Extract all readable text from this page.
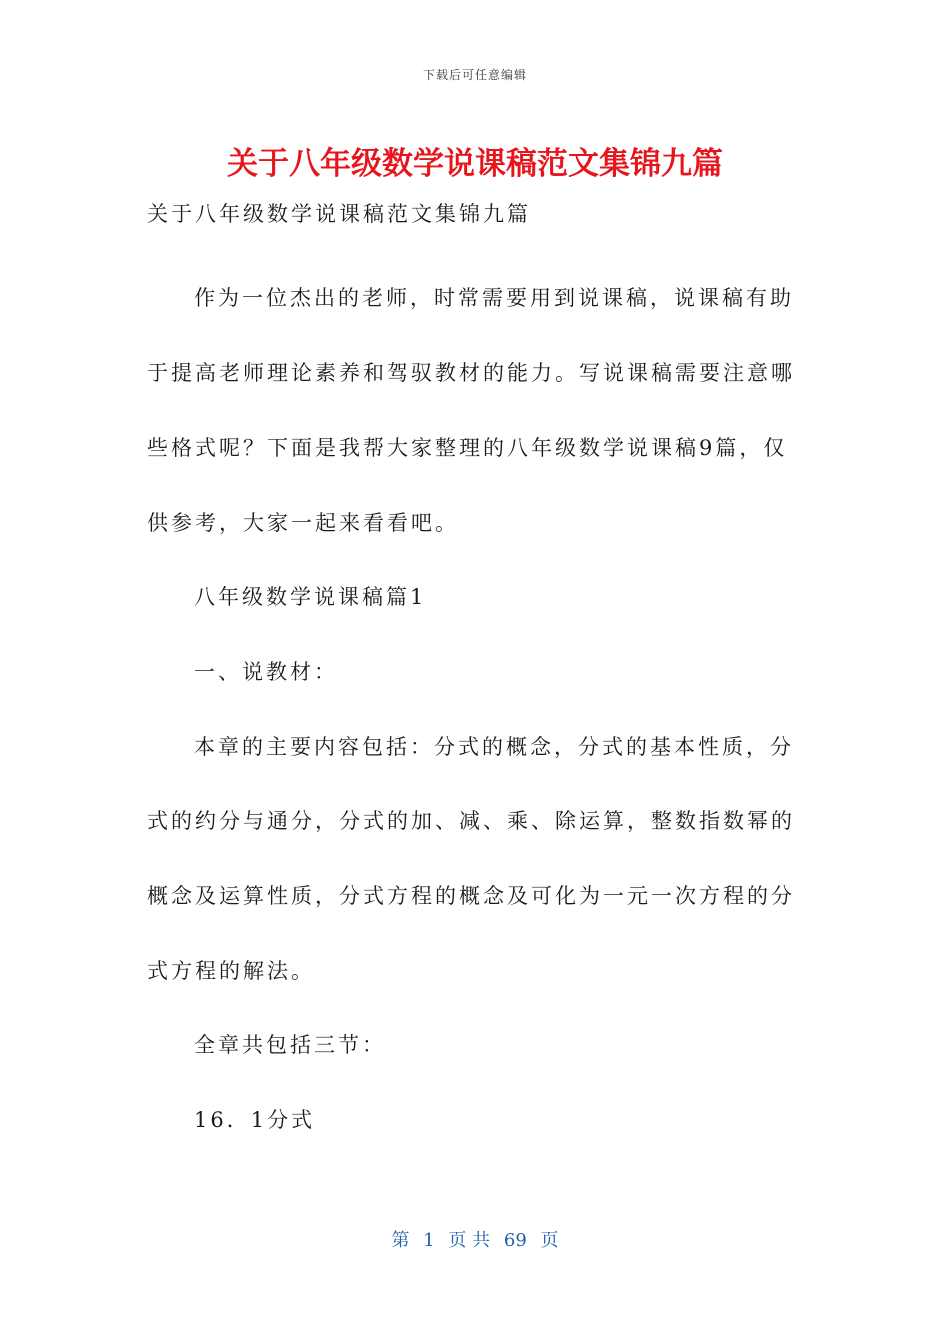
下载后可任意编辑
关于八年级数学说课稿范文集锦九篇
关于八年级数学说课稿范文集锦九篇
作为一位杰出的老师，时常需要用到说课稿，说课稿有助
于提高老师理论素养和驾驭教材的能力。写说课稿需要注意哪
些格式呢？下面是我帮大家整理的八年级数学说课稿9篇，仅
供参考，大家一起来看看吧。
八年级数学说课稿篇1
一、说教材：
本章的主要内容包括：分式的概念，分式的基本性质，分
式的约分与通分，分式的加、减、乘、除运算，整数指数幂的
概念及运算性质，分式方程的概念及可化为一元一次方程的分
式方程的解法。
全章共包括三节：
16．1分式
第 1 页 共 69 页
